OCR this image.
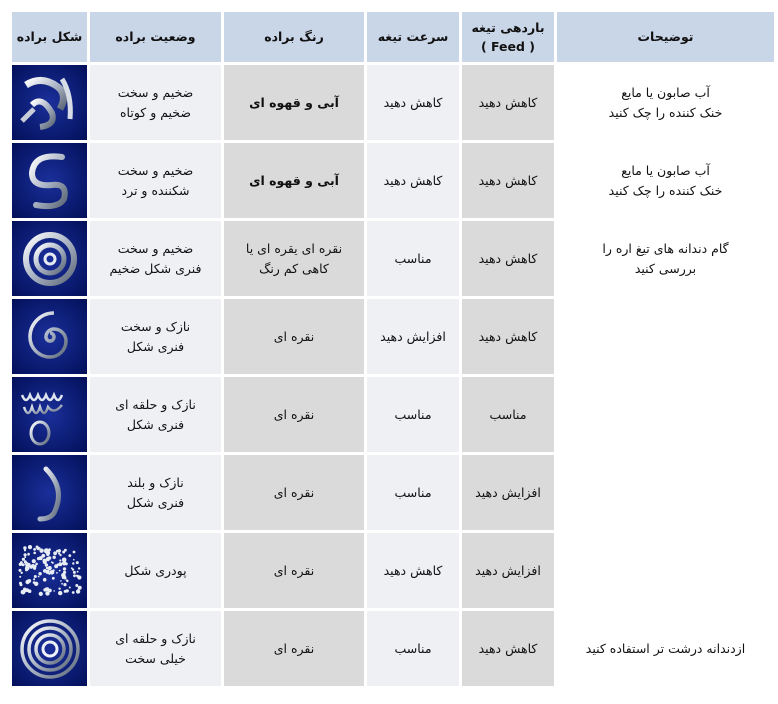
شکل براده	وضعیت براده	رنگ براده	سرعت تیغه	باردهی تیغه
( Feed )	توضیحات

ضخیم و سخت
ضخیم و کوتاه	آبی و قهوه ای	کاهش دهید	کاهش دهید	آب صابون یا مایع
خنک کننده را چک کنید

ضخیم و سخت
شکننده و ترد	آبی و قهوه ای	کاهش دهید	کاهش دهید	آب صابون یا مایع
خنک کننده را چک کنید

ضخیم و سخت
فنری شکل ضخیم	نقره ای یقره ای یا
کاهی کم رنگ	مناسب	کاهش دهید	گام دندانه های تیغ اره را
بررسی کنید

نازک و سخت
فنری شکل	نقره ای	افزایش دهید	کاهش دهید	

نازک و حلقه ای
فنری شکل	نقره ای	مناسب	مناسب	

نازک و بلند
فنری شکل	نقره ای	مناسب	افزایش دهید	

پودری شکل	نقره ای	کاهش دهید	افزایش دهید	

نازک و حلقه ای
خیلی سخت	نقره ای	مناسب	کاهش دهید	ازدندانه درشت تر استفاده کنید
